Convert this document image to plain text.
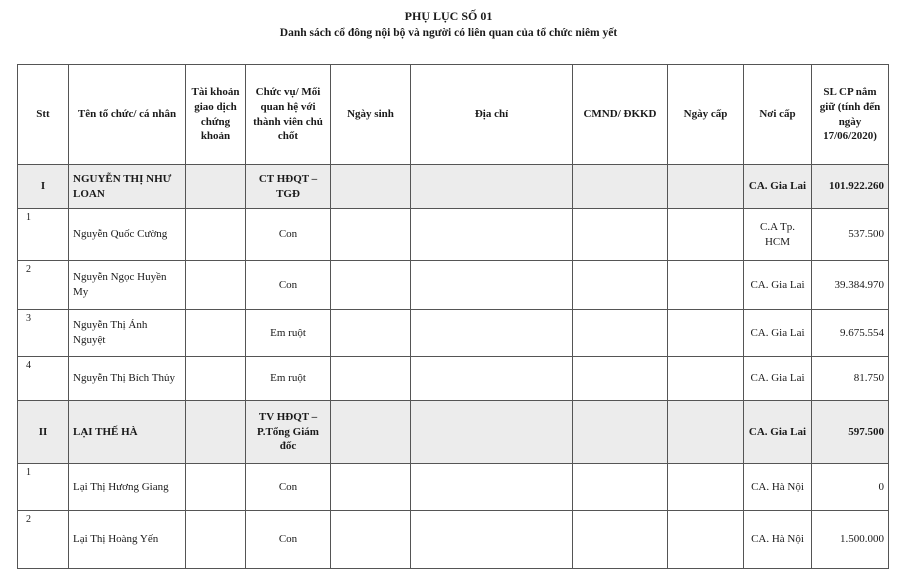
PHỤ LỤC SỐ 01
Danh sách cổ đông nội bộ và người có liên quan của tổ chức niêm yết
Stt	Tên tổ chức/ cá nhân	Tài khoản giao dịch chứng khoản	Chức vụ/ Mối quan hệ với thành viên chủ chốt	Ngày sinh	Địa chỉ	CMND/ ĐKKD	Ngày cấp	Nơi cấp	SL CP nắm giữ (tính đến ngày 17/06/2020)
I	NGUYỄN THỊ NHƯ LOAN		CT HĐQT – TGĐ					CA. Gia Lai	101.922.260
1	Nguyễn Quốc Cường		Con					C.A Tp. HCM	537.500
2	Nguyễn Ngọc Huyền My		Con					CA. Gia Lai	39.384.970
3	Nguyễn Thị Ánh Nguyệt		Em ruột					CA. Gia Lai	9.675.554
4	Nguyễn Thị Bích Thủy		Em ruột					CA. Gia Lai	81.750
II	LẠI THẾ HÀ		TV HĐQT – P.Tổng Giám đốc					CA. Gia Lai	597.500
1	Lại Thị Hương Giang		Con					CA. Hà Nội	0
2	Lại Thị Hoàng Yến		Con					CA. Hà Nội	1.500.000
